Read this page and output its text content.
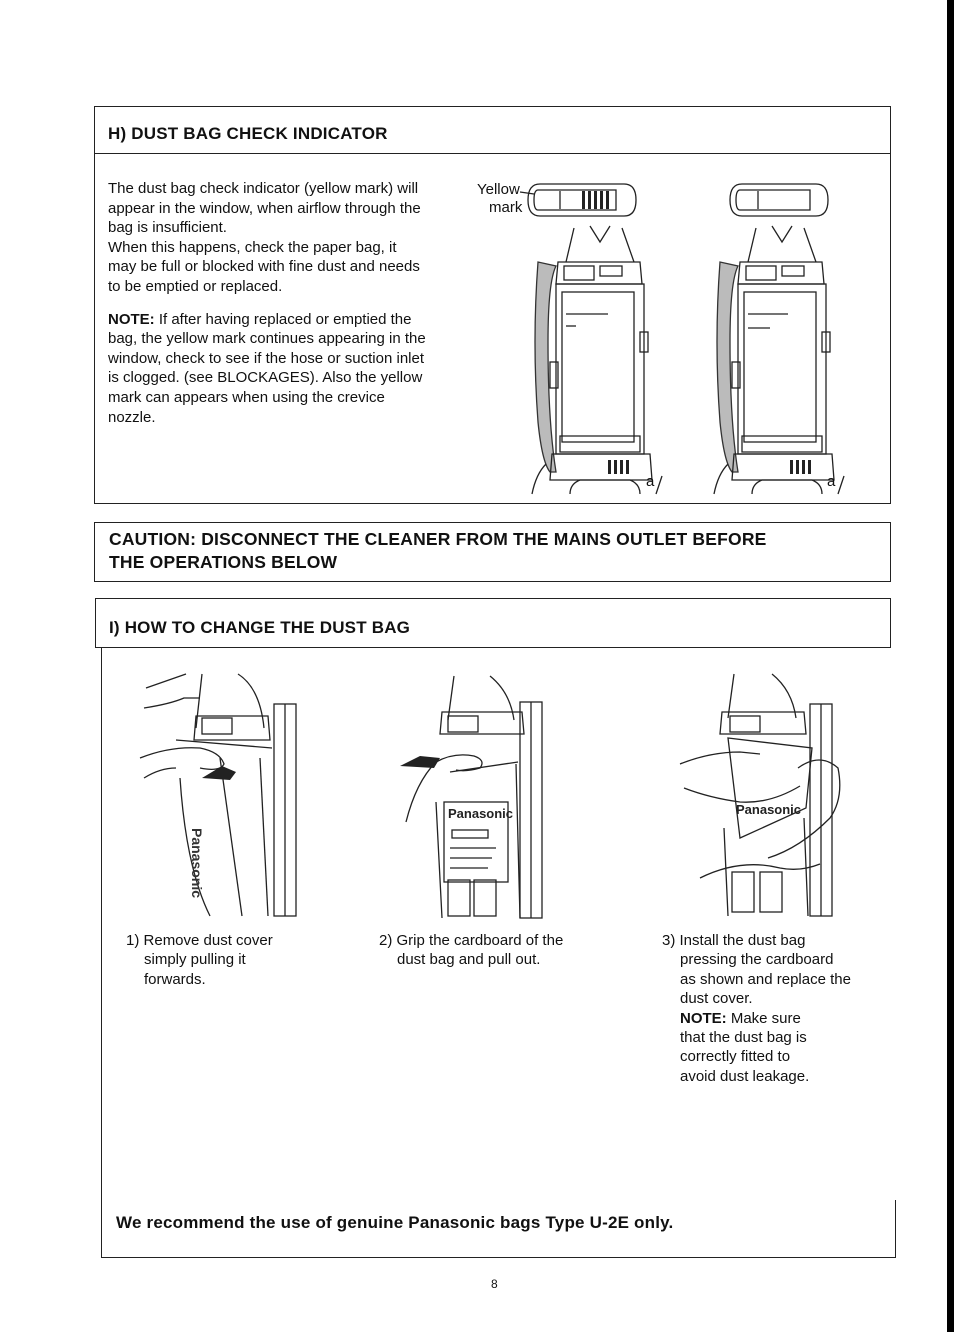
H) DUST BAG CHECK INDICATOR

The dust bag check indicator (yellow mark) will appear in the window, when airflow through the bag is insufficient.

When this happens, check the paper bag, it may be full or blocked with fine dust and needs to be emptied or replaced.

NOTE: If after having replaced or emptied the bag, the yellow mark continues appearing in the window, check to see if the hose or suction inlet is clogged. (see BLOCKAGES). Also the yellow mark can appears when using the crevice nozzle.

Yellow
mark
a	a
CAUTION: DISCONNECT THE CLEANER FROM THE MAINS OUTLET BEFORE
THE OPERATIONS BELOW
I) HOW TO CHANGE THE DUST BAG
Panasonic
Panasonic	Panasonic
1) Remove dust cover simply pulling it forwards.
2) Grip the cardboard of the dust bag and pull out.
3) Install the dust bag pressing the cardboard as shown and replace the dust cover.
NOTE: Make sure that the dust bag is correctly fitted to avoid dust leakage.
We recommend the use of genuine Panasonic bags Type U-2E only.
8
